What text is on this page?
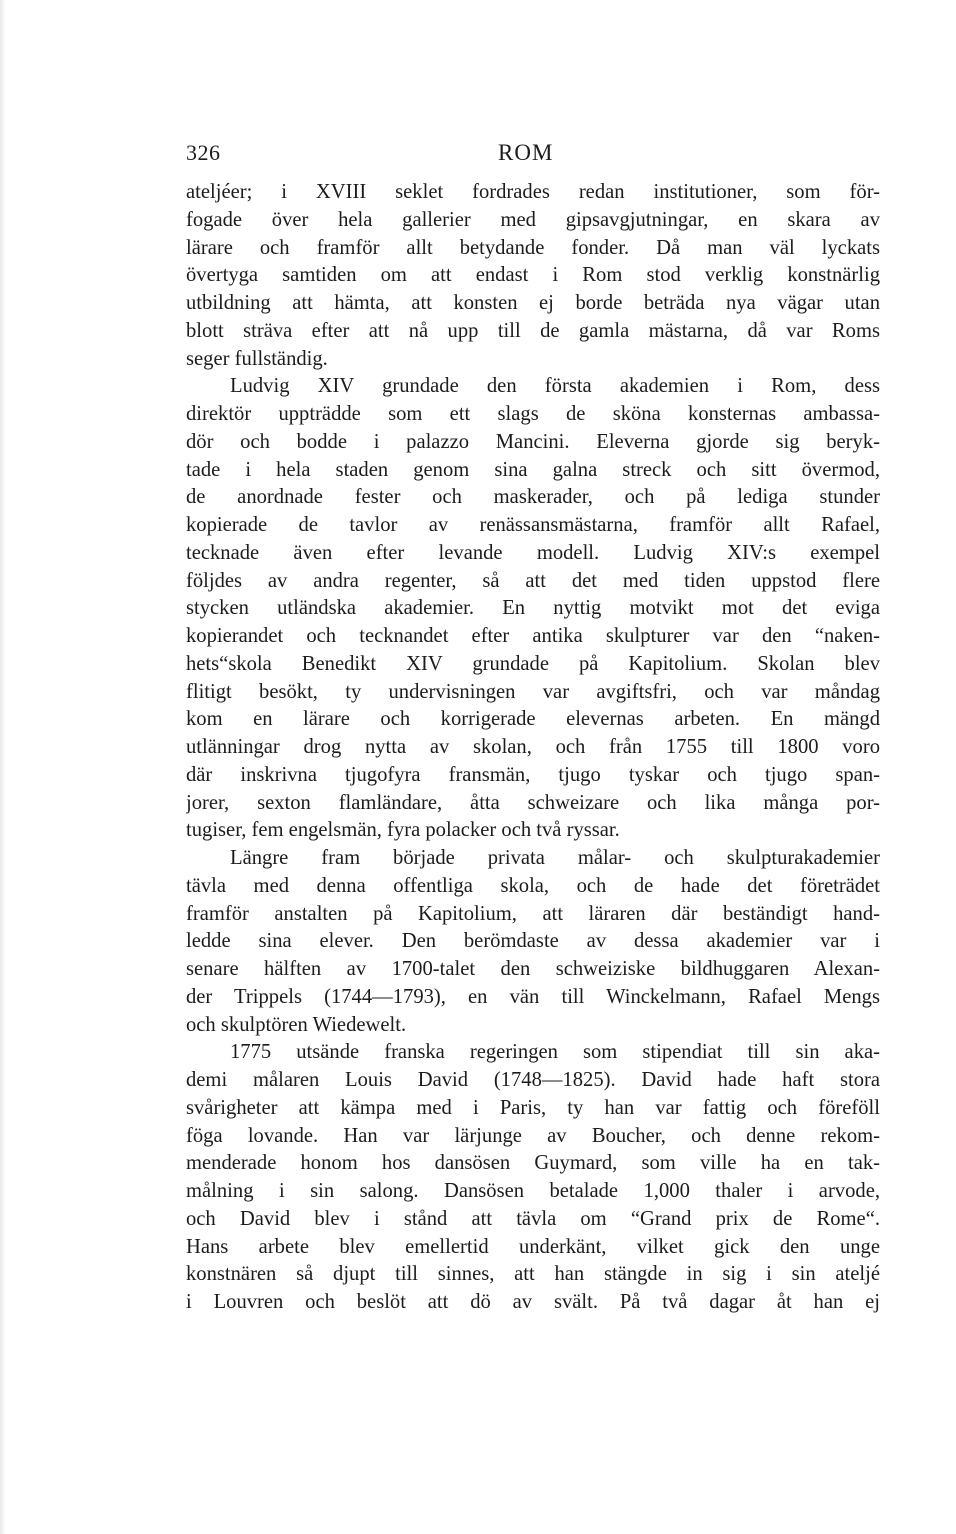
326	ROM
ateljéer; i XVIII seklet fordrades redan institutioner, som för-
fogade över hela gallerier med gipsavgjutningar, en skara av
lärare och framför allt betydande fonder. Då man väl lyckats
övertyga samtiden om att endast i Rom stod verklig konstnärlig
utbildning att hämta, att konsten ej borde beträda nya vägar utan
blott sträva efter att nå upp till de gamla mästarna, då var Roms
seger fullständig.
Ludvig XIV grundade den första akademien i Rom, dess
direktör uppträdde som ett slags de sköna konsternas ambassa-
dör och bodde i palazzo Mancini. Eleverna gjorde sig beryk-
tade i hela staden genom sina galna streck och sitt övermod,
de anordnade fester och maskerader, och på lediga stunder
kopierade de tavlor av renässansmästarna, framför allt Rafael,
tecknade även efter levande modell. Ludvig XIV:s exempel
följdes av andra regenter, så att det med tiden uppstod flere
stycken utländska akademier. En nyttig motvikt mot det eviga
kopierandet och tecknandet efter antika skulpturer var den “naken-
hets“skola Benedikt XIV grundade på Kapitolium. Skolan blev
flitigt besökt, ty undervisningen var avgiftsfri, och var måndag
kom en lärare och korrigerade elevernas arbeten. En mängd
utlänningar drog nytta av skolan, och från 1755 till 1800 voro
där inskrivna tjugofyra fransmän, tjugo tyskar och tjugo span-
jorer, sexton flamländare, åtta schweizare och lika många por-
tugiser, fem engelsmän, fyra polacker och två ryssar.
Längre fram började privata målar- och skulpturakademier
tävla med denna offentliga skola, och de hade det företrädet
framför anstalten på Kapitolium, att läraren där beständigt hand-
ledde sina elever. Den berömdaste av dessa akademier var i
senare hälften av 1700-talet den schweiziske bildhuggaren Alexan-
der Trippels (1744—1793), en vän till Winckelmann, Rafael Mengs
och skulptören Wiedewelt.
1775 utsände franska regeringen som stipendiat till sin aka-
demi målaren Louis David (1748—1825). David hade haft stora
svårigheter att kämpa med i Paris, ty han var fattig och föreföll
föga lovande. Han var lärjunge av Boucher, och denne rekom-
menderade honom hos dansösen Guymard, som ville ha en tak-
målning i sin salong. Dansösen betalade 1,000 thaler i arvode,
och David blev i stånd att tävla om “Grand prix de Rome“.
Hans arbete blev emellertid underkänt, vilket gick den unge
konstnären så djupt till sinnes, att han stängde in sig i sin ateljé
i Louvren och beslöt att dö av svält. På två dagar åt han ej
